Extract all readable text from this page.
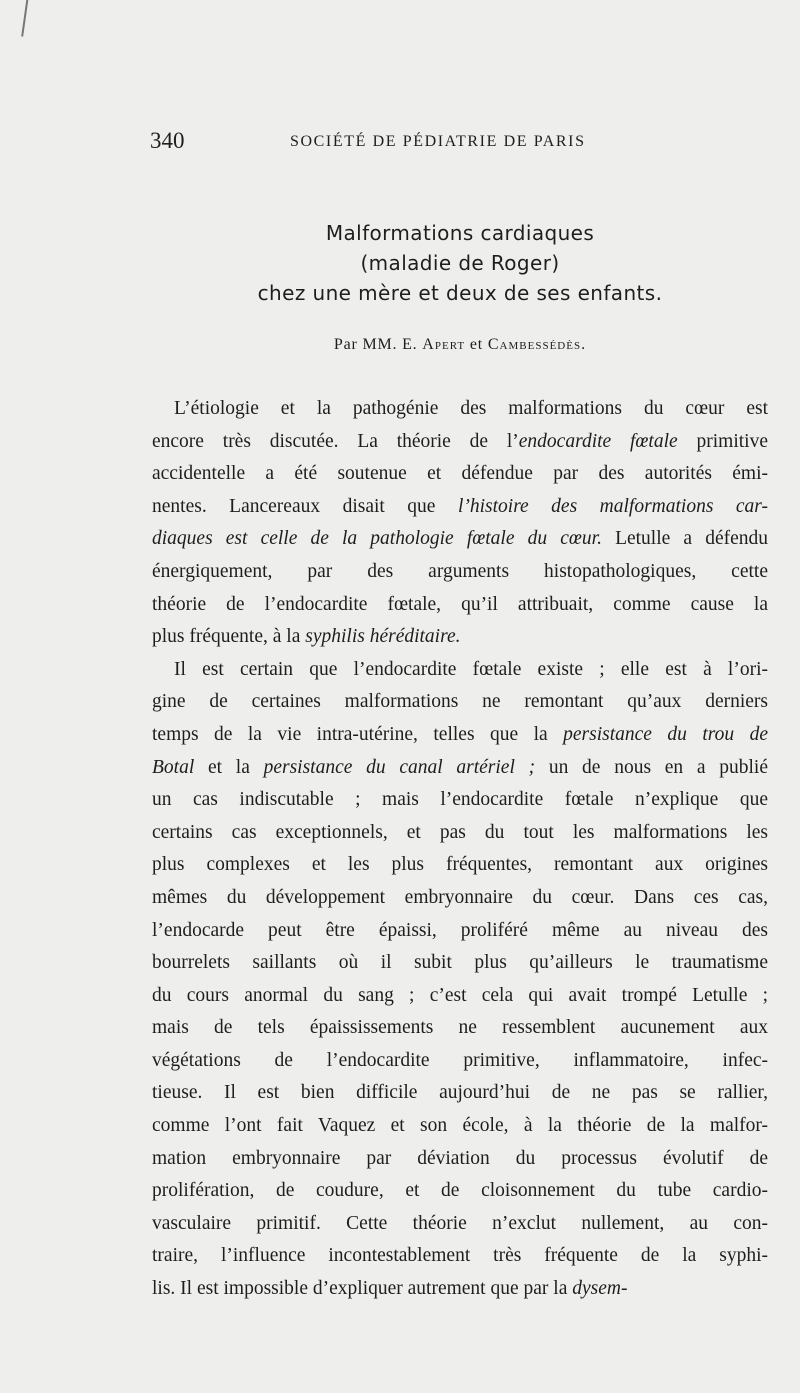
340	SOCIÉTÉ DE PÉDIATRIE DE PARIS
Malformations cardiaques
(maladie de Roger)
chez une mère et deux de ses enfants.
Par MM. E. Apert et Cambessédès.
L’étiologie et la pathogénie des malformations du cœur est
encore très discutée. La théorie de l’endocardite fœtale primitive
accidentelle a été soutenue et défendue par des autorités émi-
nentes. Lancereaux disait que l’histoire des malformations car-
diaques est celle de la pathologie fœtale du cœur. Letulle a défendu
énergiquement, par des arguments histopathologiques, cette
théorie de l’endocardite fœtale, qu’il attribuait, comme cause la
plus fréquente, à la syphilis héréditaire.
Il est certain que l’endocardite fœtale existe ; elle est à l’ori-
gine de certaines malformations ne remontant qu’aux derniers
temps de la vie intra-utérine, telles que la persistance du trou de
Botal et la persistance du canal artériel ; un de nous en a publié
un cas indiscutable ; mais l’endocardite fœtale n’explique que
certains cas exceptionnels, et pas du tout les malformations les
plus complexes et les plus fréquentes, remontant aux origines
mêmes du développement embryonnaire du cœur. Dans ces cas,
l’endocarde peut être épaissi, proliféré même au niveau des
bourrelets saillants où il subit plus qu’ailleurs le traumatisme
du cours anormal du sang ; c’est cela qui avait trompé Letulle ;
mais de tels épaississements ne ressemblent aucunement aux
végétations de l’endocardite primitive, inflammatoire, infec-
tieuse. Il est bien difficile aujourd’hui de ne pas se rallier,
comme l’ont fait Vaquez et son école, à la théorie de la malfor-
mation embryonnaire par déviation du processus évolutif de
prolifération, de coudure, et de cloisonnement du tube cardio-
vasculaire primitif. Cette théorie n’exclut nullement, au con-
traire, l’influence incontestablement très fréquente de la syphi-
lis. Il est impossible d’expliquer autrement que par la dysem-
